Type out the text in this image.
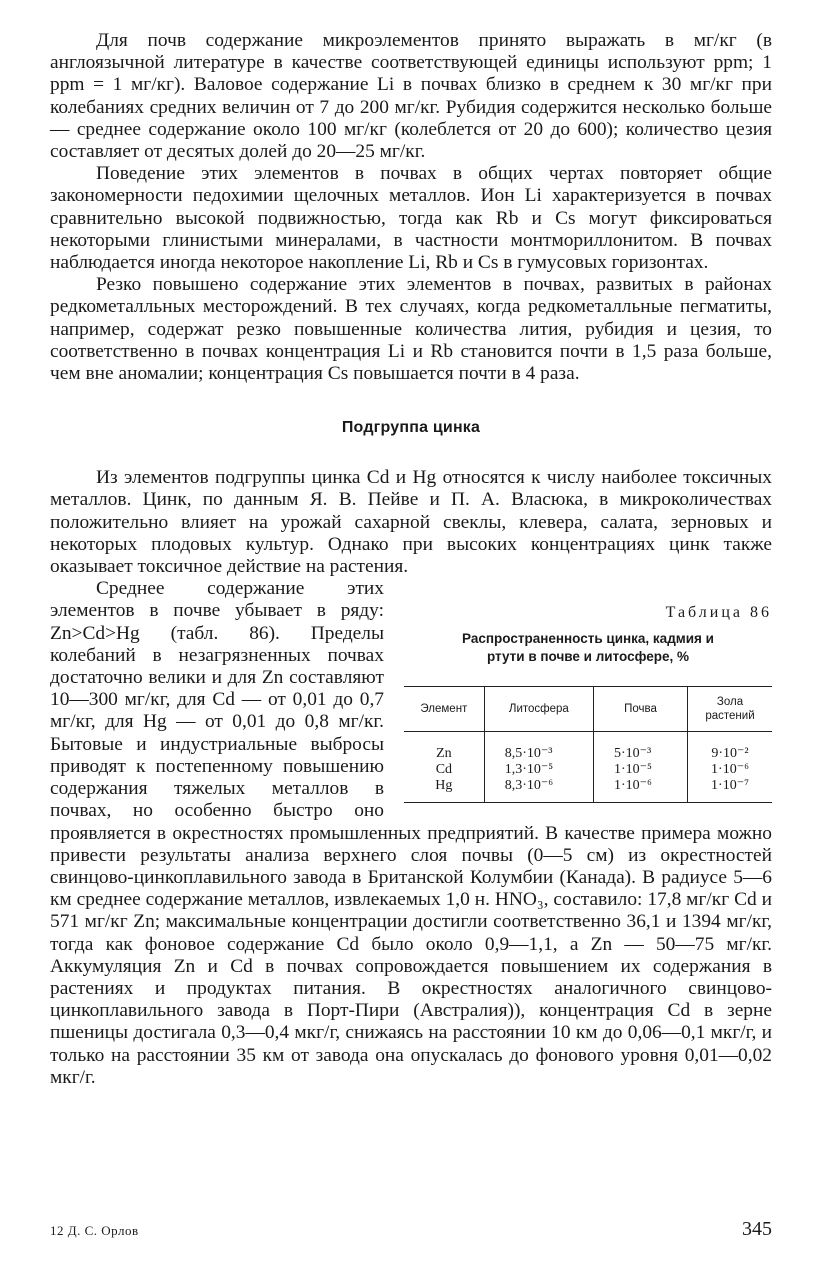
Для почв содержание микроэлементов принято выражать в мг/кг (в англоязычной литературе в качестве соответствующей единицы используют ppm; 1 ppm = 1 мг/кг). Валовое содержание Li в почвах близко в среднем к 30 мг/кг при колебаниях средних величин от 7 до 200 мг/кг. Рубидия содержится несколько больше — среднее содержание около 100 мг/кг (колеблется от 20 до 600); количество цезия составляет от десятых долей до 20—25 мг/кг.

Поведение этих элементов в почвах в общих чертах повторяет общие закономерности педохимии щелочных металлов. Ион Li характеризуется в почвах сравнительно высокой подвижностью, тогда как Rb и Cs могут фиксироваться некоторыми глинистыми минералами, в частности монтмориллонитом. В почвах наблюдается иногда некоторое накопление Li, Rb и Cs в гумусовых горизонтах.

Резко повышено содержание этих элементов в почвах, развитых в районах редкометалльных месторождений. В тех случаях, когда редкометалльные пегматиты, например, содержат резко повышенные количества лития, рубидия и цезия, то соответственно в почвах концентрация Li и Rb становится почти в 1,5 раза больше, чем вне аномалии; концентрация Cs повышается почти в 4 раза.

Подгруппа цинка

Из элементов подгруппы цинка Cd и Hg относятся к числу наиболее токсичных металлов. Цинк, по данным Я. В. Пейве и П. А. Власюка, в микроколичествах положительно влияет на урожай сахарной свеклы, клевера, салата, зерновых и некоторых плодовых культур. Однако при высоких концентрациях цинк также оказывает токсичное действие на растения.

Таблица 86
Распространенность цинка, кадмия и
ртути в почве и литосфере, %
Элемент	Литосфера	Почва	Зола растений
Zn	8,5·10⁻³	5·10⁻³	9·10⁻²
Cd	1,3·10⁻⁵	1·10⁻⁵	1·10⁻⁶
Hg	8,3·10⁻⁶	1·10⁻⁶	1·10⁻⁷

Среднее содержание этих элементов в почве убывает в ряду: Zn>Cd>Hg (табл. 86). Пределы колебаний в незагрязненных почвах достаточно велики и для Zn составляют 10—300 мг/кг, для Cd — от 0,01 до 0,7 мг/кг, для Hg — от 0,01 до 0,8 мг/кг. Бытовые и индустриальные выбросы приводят к постепенному повышению содержания тяжелых металлов в почвах, но особенно быстро оно проявляется в окрестностях промышленных предприятий. В качестве примера можно привести результаты анализа верхнего слоя почвы (0—5 см) из окрестностей свинцово-цинкоплавильного завода в Британской Колумбии (Канада). В радиусе 5—6 км среднее содержание металлов, извлекаемых 1,0 н. HNO₃, составило: 17,8 мг/кг Cd и 571 мг/кг Zn; максимальные концентрации достигли соответственно 36,1 и 1394 мг/кг, тогда как фоновое содержание Cd было около 0,9—1,1, а Zn — 50—75 мг/кг. Аккумуляция Zn и Cd в почвах сопровождается повышением их содержания в растениях и продуктах питания. В окрестностях аналогичного свинцово-цинкоплавильного завода в Порт-Пири (Австралия)), концентрация Cd в зерне пшеницы достигала 0,3—0,4 мкг/г, снижаясь на расстоянии 10 км до 0,06—0,1 мкг/г, и только на расстоянии 35 км от завода она опускалась до фонового уровня 0,01—0,02 мкг/г.

12 Д. С. Орлов	345
